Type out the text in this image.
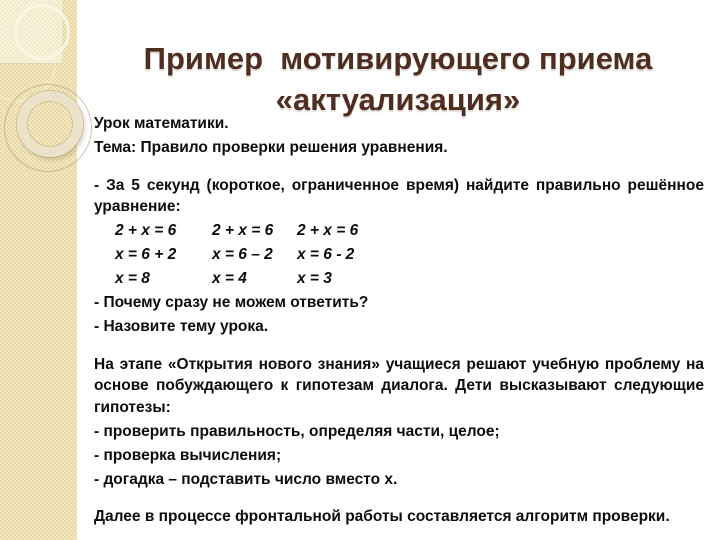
Пример  мотивирующего приема
«актуализация»

Урок математики.

Тема: Правило проверки решения уравнения.

- За 5 секунд (короткое, ограниченное время) найдите правильно решённое
уравнение:

2 + x = 6	2 + x = 6	2 + x = 6

x = 6 + 2	x = 6 – 2	x = 6 - 2

x = 8	x = 4	x = 3

- Почему сразу не можем ответить?

- Назовите тему урока.

На этапе «Открытия нового знания» учащиеся решают учебную проблему на
основе побуждающего к гипотезам диалога. Дети высказывают следующие
гипотезы:

- проверить правильность, определяя части, целое;

- проверка вычисления;

- догадка – подставить число вместо х.

Далее в процессе фронтальной работы составляется алгоритм проверки.
